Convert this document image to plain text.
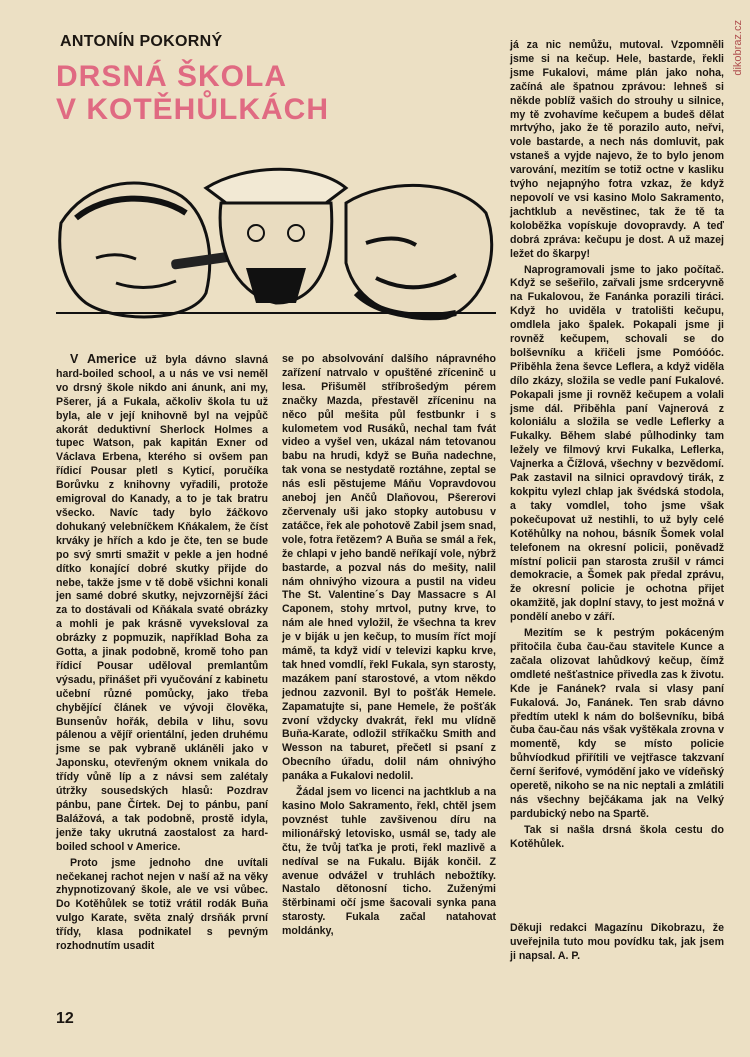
dikobraz.cz
ANTONÍN POKORNÝ
DRSNÁ ŠKOLA
V KOTĚHŮLKÁCH

V Americe už byla dávno slavná hard-boiled school, a u nás ve vsi neměl vo drsný škole nikdo ani ánunk, ani my, Pšerer, já a Fukala, ačkoliv škola tu už byla, ale v její knihovně byl na vejpůč akorát deduktivní Sherlock Holmes a tupec Watson, pak kapitán Exner od Václava Erbena, kterého si ovšem pan řídicí Pousar pletl s Kyticí, poručíka Borůvku z knihovny vyřadili, protože emigroval do Kanady, a to je tak bratru všecko. Navíc tady bylo žáčkovo dohukaný velebníčkem Kňákalem, že číst krváky je hřích a kdo je čte, ten se bude po svý smrti smažit v pekle a jen hodné dítko konající dobré skutky přijde do nebe, takže jsme v tě době všichni konali jen samé dobré skutky, nejvzornější žáci za to dostávali od Kňákala svaté obrázky a mohli je pak krásně vyveksloval za obrázky z popmuzik, například Boha za Gotta, a jinak podobně, kromě toho pan řídicí Pousar uděloval premlantům výsadu, přinášet při vyučování z kabinetu učební různé pomůcky, jako třeba chybějící článek ve vývoji člověka, Bunsenův hořák, debila v lihu, sovu pálenou a vějíř orientální, jeden druhému jsme se pak vybraně ukláněli jako v Japonsku, otevřeným oknem vnikala do třídy vůně líp a z návsi sem zalétaly útržky sousedských hlasů: Pozdrav pánbu, pane Čírtek. Dej to pánbu, paní Balážová, a tak podobně, prostě idyla, jenže taky ukrutná zaostalost za hard-boiled school v Americe.

Proto jsme jednoho dne uvítali nečekanej rachot nejen v naší až na věky zhypnotizovaný škole, ale ve vsi vůbec. Do Kotěhůlek se totiž vrátil rodák Buňa vulgo Karate, světa znalý drsňák první třídy, klasa podnikatel s pevným rozhodnutím usadit

se po absolvování dalšího nápravného zařízení natrvalo v opuštěné zříceninč u lesa. Přišuměl stříbrošedým pérem značky Mazda, přestavěl zříceninu na něco půl mešita půl festbunkr i s kulometem vod Rusáků, nechal tam fvát video a vyšel ven, ukázal nám tetovanou babu na hrudi, když se Buňa nadechne, tak vona se nestydatě roztáhne, zeptal se nás esli pěstujeme Máňu Vopravdovou aneboj jen Ančů Dlaňovou, Pšererovi zčervenaly uši jako stopky autobusu v zatáčce, řek ale pohotově Zabil jsem snad, vole, fotra řetězem? A Buňa se smál a řek, že chlapi v jeho bandě neříkají vole, nýbrž bastarde, a pozval nás do mešity, nalil nám ohnivýho vizoura a pustil na videu The St. Valentine´s Day Massacre s Al Caponem, stohy mrtvol, putny krve, to nám ale hned vyložil, že všechna ta krev je v biják u jen kečup, to musím říct mojí mámě, ta když vidí v televizi kapku krve, tak hned vomdlí, řekl Fukala, syn starosty, mazákem paní starostové, a vtom někdo jednou zazvonil. Byl to pošťák Hemele. Zapamatujte si, pane Hemele, že pošťák zvoní vždycky dvakrát, řekl mu vlídně Buňa-Karate, odložil stříkačku Smith and Wesson na taburet, přečetl si psaní z Obecního úřadu, dolil nám ohnivýho panáka a Fukalovi nedolil.

Žádal jsem vo licenci na jachtklub a na kasino Molo Sakramento, řekl, chtěl jsem povznést tuhle zavšivenou díru na milionářský letovisko, usmál se, tady ale čtu, že tvůj taťka je proti, řekl mazlivě a nedíval se na Fukalu. Biják končil. Z avenue odvážel v truhlách nebožtíky. Nastalo dětonosní ticho. Zuženými štěrbinami očí jsme šacovali synka pana starosty. Fukala začal natahovat moldánky,

já za nic nemůžu, mutoval. Vzpomněli jsme si na kečup. Hele, bastarde, řekli jsme Fukalovi, máme plán jako noha, začíná ale špatnou zprávou: lehneš si někde poblíž vašich do strouhy u silnice, my tě zvohavíme kečupem a budeš dělat mrtvýho, jako že tě porazilo auto, neřvi, vole bastarde, a nech nás domluvit, pak vstaneš a vyjde najevo, že to bylo jenom varování, mezitím se totiž octne v kasliku tvýho nejapnýho fotra vzkaz, že když nepovolí ve vsi kasino Molo Sakramento, jachtklub a nevěstinec, tak že tě ta koloběžka vopískuje dovopravdy. A teď dobrá zpráva: kečupu je dost. A už mazej ležet do škarpy!

Naprogramovali jsme to jako počítač. Když se sešeřilo, zařvali jsme srdceryvně na Fukalovou, že Fanánka porazili tiráci. Když ho uviděla v tratolišti kečupu, omdlela jako špalek. Pokapali jsme ji rovněž kečupem, schovali se do bolševníku a křičeli jsme Pomóóóc. Přiběhla žena ševce Leflera, a když viděla dílo zkázy, složila se vedle paní Fukalové. Pokapali jsme ji rovněž kečupem a volali jsme dál. Přiběhla paní Vajnerová z koloniálu a složila se vedle Leflerky a Fukalky. Během slabé půlhodinky tam ležely ve filmový krvi Fukalka, Leflerka, Vajnerka a Čížlová, všechny v bezvědomí. Pak zastavil na silnici opravdový tirák, z kokpitu vylezl chlap jak švédská stodola, a taky vomdlel, toho jsme však pokečupovat už nestihli, to už byly celé Kotěhůlky na nohou, básník Šomek volal telefonem na okresní policii, poněvadž místní policii pan starosta zrušil v rámci demokracie, a Šomek pak předal zprávu, že okresní policie je ochotna přijet okamžitě, jak doplní stavy, to jest možná v pondělí anebo v září.

Mezitím se k pestrým pokáceným přitočila čuba čau-čau stavitele Kunce a začala olizovat lahůdkový kečup, čímž omdleté nešťastnice přivedla zas k životu. Kde je Fanánek? rvala si vlasy paní Fukalová. Jo, Fanánek. Ten srab dávno předtím utekl k nám do bolševníku, bibá čuba čau-čau nás však vyštěkala zrovna v momentě, kdy se místo policie bůhvíodkud přiřítili ve vejtřasce takzvaní černí šerifové, vymódění jako ve vídeňský operetě, nikoho se na nic neptali a zmlátili nás všechny bejčákama jak na Velký pardubický nebo na Spartě.

Tak si našla drsná škola cestu do Kotěhůlek.

Děkuji redakci Magazínu Dikobrazu, že uveřejnila tuto mou povídku tak, jak jsem ji napsal. A. P.
12
